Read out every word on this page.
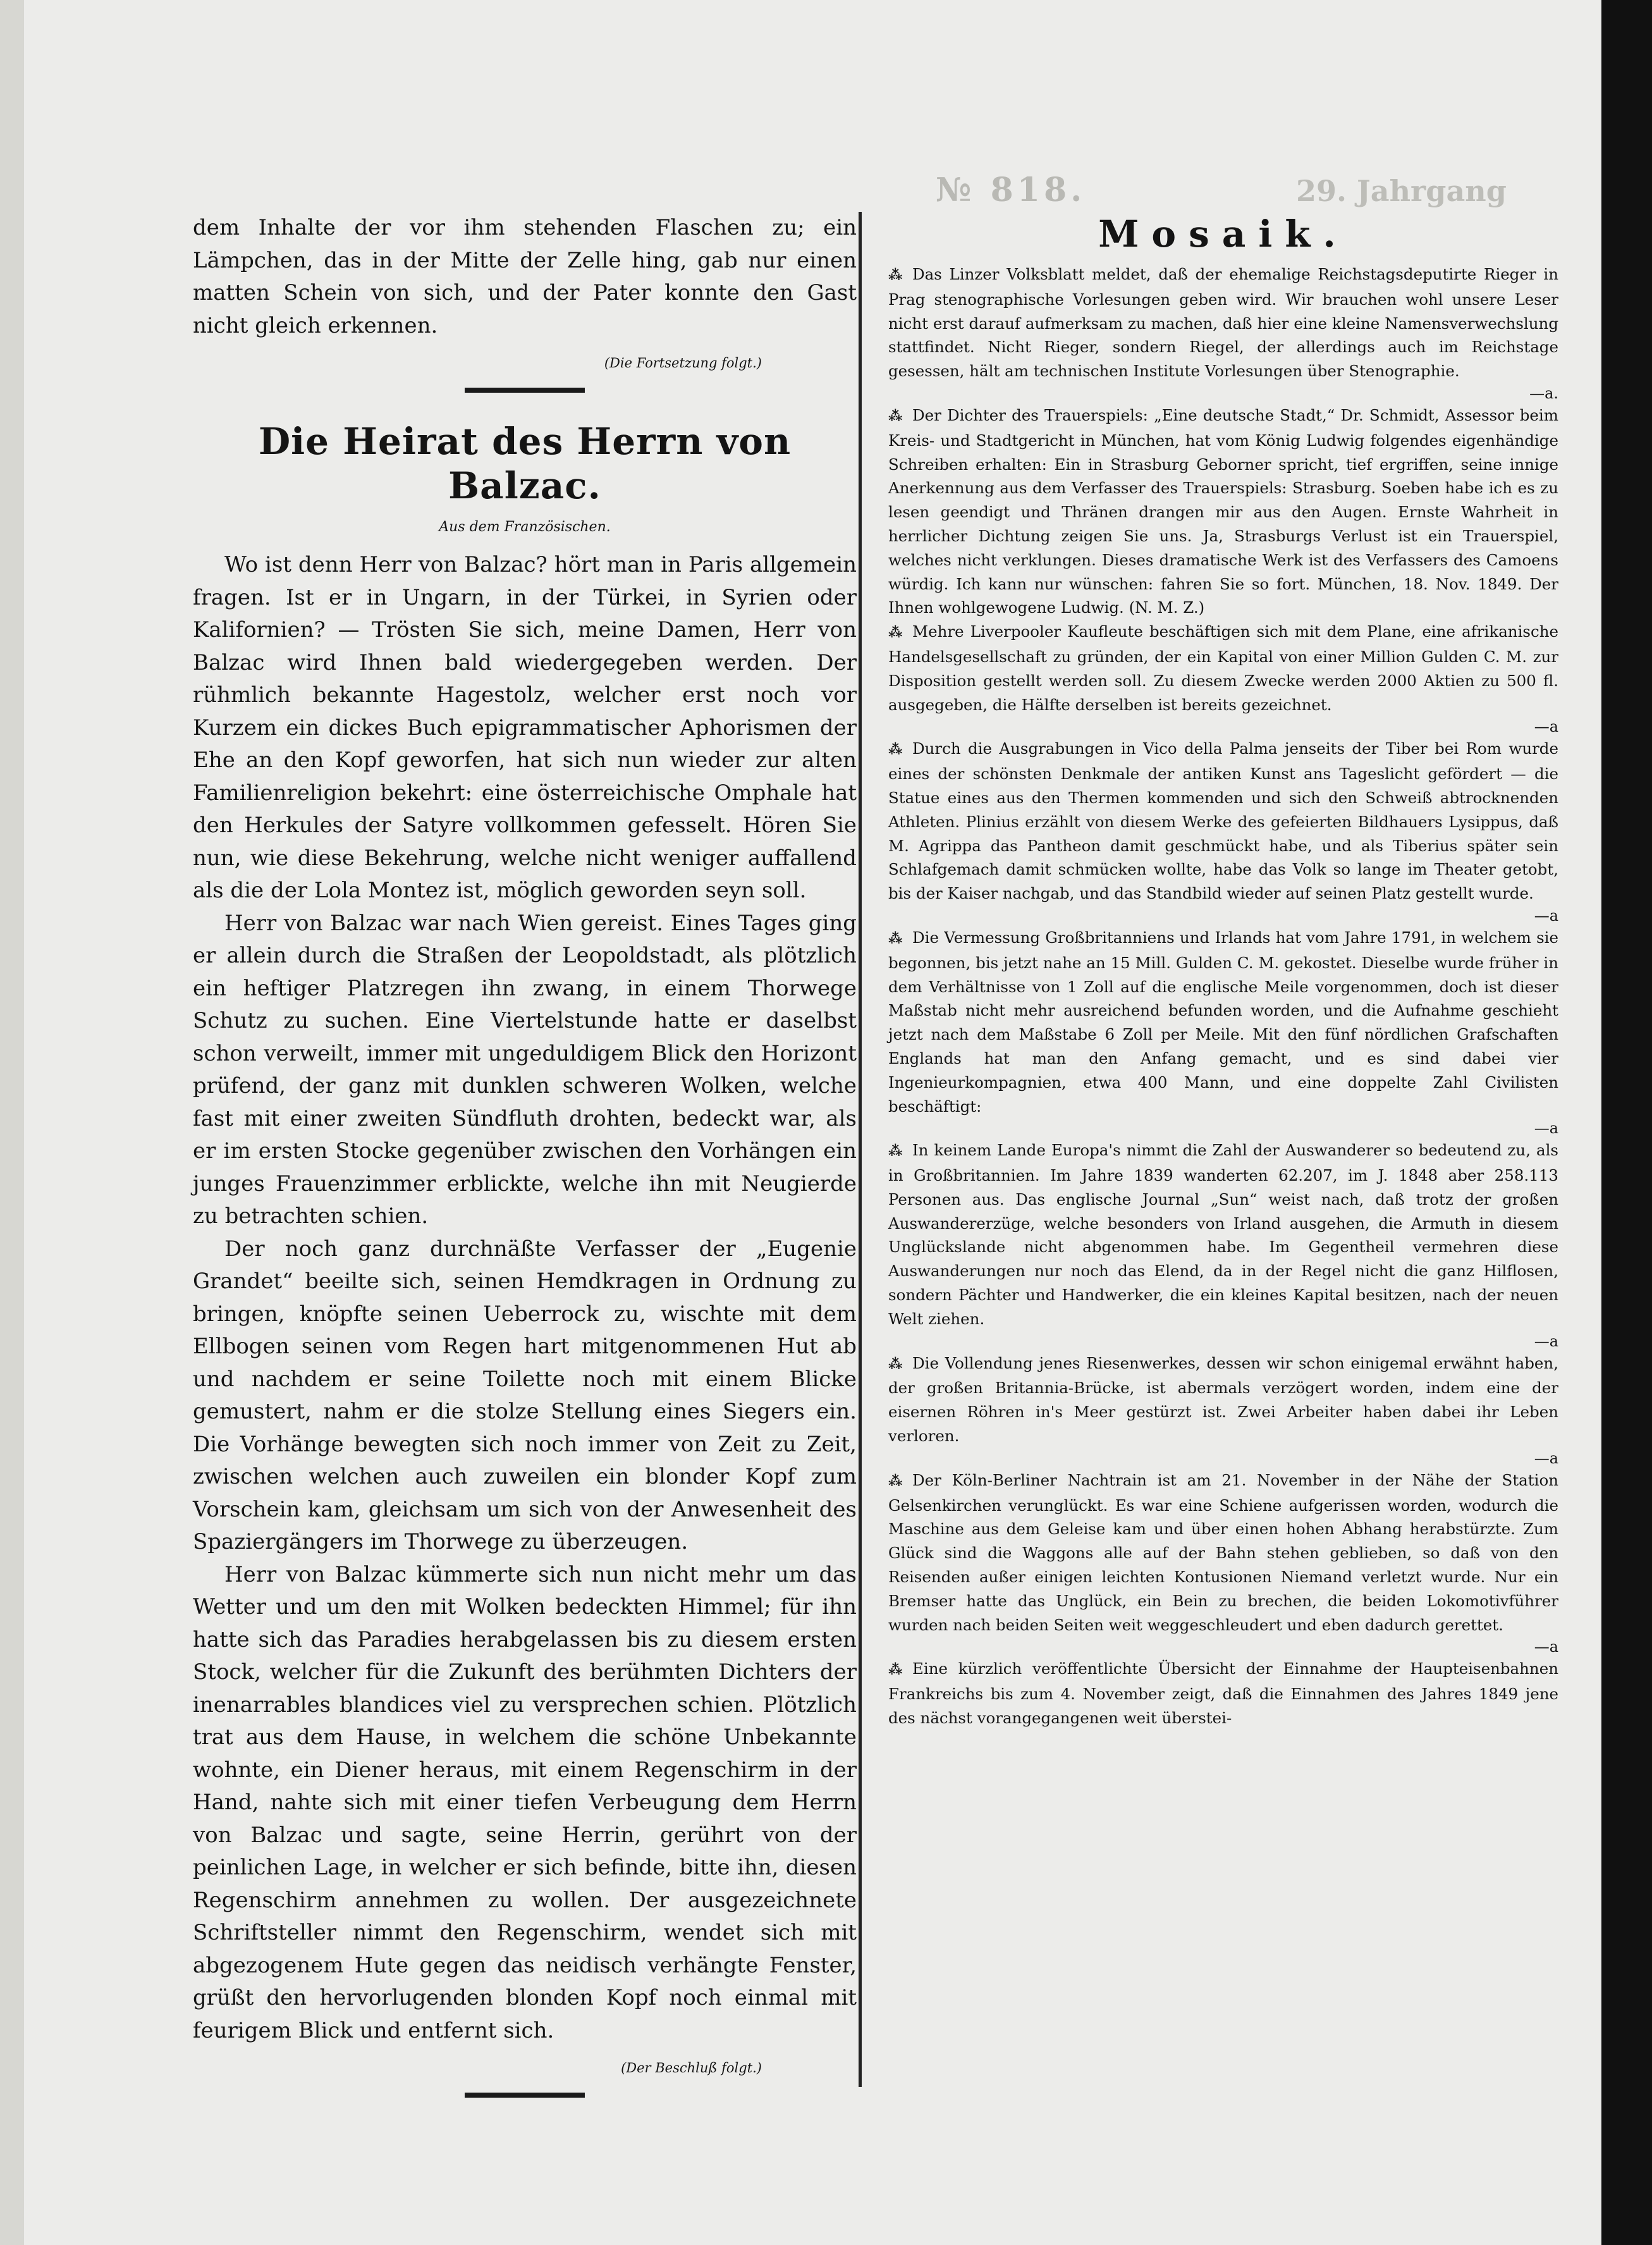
№ 818.	29. Jahrgang

dem Inhalte der vor ihm stehenden Flaschen zu; ein Lämpchen, das in der Mitte der Zelle hing, gab nur einen matten Schein von sich, und der Pater konnte den Gast nicht gleich erkennen.

(Die Fortsetzung folgt.)

Die Heirat des Herrn von Balzac.
Aus dem Französischen.

Wo ist denn Herr von Balzac? hört man in Paris allgemein fragen. Ist er in Ungarn, in der Türkei, in Syrien oder Kalifornien? — Trösten Sie sich, meine Damen, Herr von Balzac wird Ihnen bald wiedergegeben werden. Der rühmlich bekannte Hagestolz, welcher erst noch vor Kurzem ein dickes Buch epigrammatischer Aphorismen der Ehe an den Kopf geworfen, hat sich nun wieder zur alten Familienreligion bekehrt: eine österreichische Omphale hat den Herkules der Satyre vollkommen gefesselt. Hören Sie nun, wie diese Bekehrung, welche nicht weniger auffallend als die der Lola Montez ist, möglich geworden seyn soll.

Herr von Balzac war nach Wien gereist. Eines Tages ging er allein durch die Straßen der Leopoldstadt, als plötzlich ein heftiger Platzregen ihn zwang, in einem Thorwege Schutz zu suchen. Eine Viertelstunde hatte er daselbst schon verweilt, immer mit ungeduldigem Blick den Horizont prüfend, der ganz mit dunklen schweren Wolken, welche fast mit einer zweiten Sündfluth drohten, bedeckt war, als er im ersten Stocke gegenüber zwischen den Vorhängen ein junges Frauenzimmer erblickte, welche ihn mit Neugierde zu betrachten schien.

Der noch ganz durchnäßte Verfasser der „Eugenie Grandet“ beeilte sich, seinen Hemdkragen in Ordnung zu bringen, knöpfte seinen Ueberrock zu, wischte mit dem Ellbogen seinen vom Regen hart mitgenommenen Hut ab und nachdem er seine Toilette noch mit einem Blicke gemustert, nahm er die stolze Stellung eines Siegers ein. Die Vorhänge bewegten sich noch immer von Zeit zu Zeit, zwischen welchen auch zuweilen ein blonder Kopf zum Vorschein kam, gleichsam um sich von der Anwesenheit des Spaziergängers im Thorwege zu überzeugen.

Herr von Balzac kümmerte sich nun nicht mehr um das Wetter und um den mit Wolken bedeckten Himmel; für ihn hatte sich das Paradies herabgelassen bis zu diesem ersten Stock, welcher für die Zukunft des berühmten Dichters der inenarrables blandices viel zu versprechen schien. Plötzlich trat aus dem Hause, in welchem die schöne Unbekannte wohnte, ein Diener heraus, mit einem Regenschirm in der Hand, nahte sich mit einer tiefen Verbeugung dem Herrn von Balzac und sagte, seine Herrin, gerührt von der peinlichen Lage, in welcher er sich befinde, bitte ihn, diesen Regenschirm annehmen zu wollen. Der ausgezeichnete Schriftsteller nimmt den Regenschirm, wendet sich mit abgezogenem Hute gegen das neidisch verhängte Fenster, grüßt den hervorlugenden blonden Kopf noch einmal mit feurigem Blick und entfernt sich.

(Der Beschluß folgt.)

Mosaik.

⁂ Das Linzer Volksblatt meldet, daß der ehemalige Reichstagsdeputirte Rieger in Prag stenographische Vorlesungen geben wird. Wir brauchen wohl unsere Leser nicht erst darauf aufmerksam zu machen, daß hier eine kleine Namensverwechslung stattfindet. Nicht Rieger, sondern Riegel, der allerdings auch im Reichstage gesessen, hält am technischen Institute Vorlesungen über Stenographie.

—a.

⁂ Der Dichter des Trauerspiels: „Eine deutsche Stadt,“ Dr. Schmidt, Assessor beim Kreis- und Stadtgericht in München, hat vom König Ludwig folgendes eigenhändige Schreiben erhalten: Ein in Strasburg Geborner spricht, tief ergriffen, seine innige Anerkennung aus dem Verfasser des Trauerspiels: Strasburg. Soeben habe ich es zu lesen geendigt und Thränen drangen mir aus den Augen. Ernste Wahrheit in herrlicher Dichtung zeigen Sie uns. Ja, Strasburgs Verlust ist ein Trauerspiel, welches nicht verklungen. Dieses dramatische Werk ist des Verfassers des Camoens würdig. Ich kann nur wünschen: fahren Sie so fort. München, 18. Nov. 1849. Der Ihnen wohlgewogene Ludwig. (N. M. Z.)

⁂ Mehre Liverpooler Kaufleute beschäftigen sich mit dem Plane, eine afrikanische Handelsgesellschaft zu gründen, der ein Kapital von einer Million Gulden C. M. zur Disposition gestellt werden soll. Zu diesem Zwecke werden 2000 Aktien zu 500 fl. ausgegeben, die Hälfte derselben ist bereits gezeichnet.

—a

⁂ Durch die Ausgrabungen in Vico della Palma jenseits der Tiber bei Rom wurde eines der schönsten Denkmale der antiken Kunst ans Tageslicht gefördert — die Statue eines aus den Thermen kommenden und sich den Schweiß abtrocknenden Athleten. Plinius erzählt von diesem Werke des gefeierten Bildhauers Lysippus, daß M. Agrippa das Pantheon damit geschmückt habe, und als Tiberius später sein Schlafgemach damit schmücken wollte, habe das Volk so lange im Theater getobt, bis der Kaiser nachgab, und das Standbild wieder auf seinen Platz gestellt wurde.

—a

⁂ Die Vermessung Großbritanniens und Irlands hat vom Jahre 1791, in welchem sie begonnen, bis jetzt nahe an 15 Mill. Gulden C. M. gekostet. Dieselbe wurde früher in dem Verhältnisse von 1 Zoll auf die englische Meile vorgenommen, doch ist dieser Maßstab nicht mehr ausreichend befunden worden, und die Aufnahme geschieht jetzt nach dem Maßstabe 6 Zoll per Meile. Mit den fünf nördlichen Grafschaften Englands hat man den Anfang gemacht, und es sind dabei vier Ingenieurkompagnien, etwa 400 Mann, und eine doppelte Zahl Civilisten beschäftigt:

—a

⁂ In keinem Lande Europa's nimmt die Zahl der Auswanderer so bedeutend zu, als in Großbritannien. Im Jahre 1839 wanderten 62.207, im J. 1848 aber 258.113 Personen aus. Das englische Journal „Sun“ weist nach, daß trotz der großen Auswandererzüge, welche besonders von Irland ausgehen, die Armuth in diesem Unglückslande nicht abgenommen habe. Im Gegentheil vermehren diese Auswanderungen nur noch das Elend, da in der Regel nicht die ganz Hilflosen, sondern Pächter und Handwerker, die ein kleines Kapital besitzen, nach der neuen Welt ziehen.

—a

⁂ Die Vollendung jenes Riesenwerkes, dessen wir schon einigemal erwähnt haben, der großen Britannia-Brücke, ist abermals verzögert worden, indem eine der eisernen Röhren in's Meer gestürzt ist. Zwei Arbeiter haben dabei ihr Leben verloren.

—a

⁂ Der Köln-Berliner Nachtrain ist am 21. November in der Nähe der Station Gelsenkirchen verunglückt. Es war eine Schiene aufgerissen worden, wodurch die Maschine aus dem Geleise kam und über einen hohen Abhang herabstürzte. Zum Glück sind die Waggons alle auf der Bahn stehen geblieben, so daß von den Reisenden außer einigen leichten Kontusionen Niemand verletzt wurde. Nur ein Bremser hatte das Unglück, ein Bein zu brechen, die beiden Lokomotivführer wurden nach beiden Seiten weit weggeschleudert und eben dadurch gerettet.

—a

⁂ Eine kürzlich veröffentlichte Übersicht der Einnahme der Haupteisenbahnen Frankreichs bis zum 4. November zeigt, daß die Einnahmen des Jahres 1849 jene des nächst vorangegangenen weit überstei-
